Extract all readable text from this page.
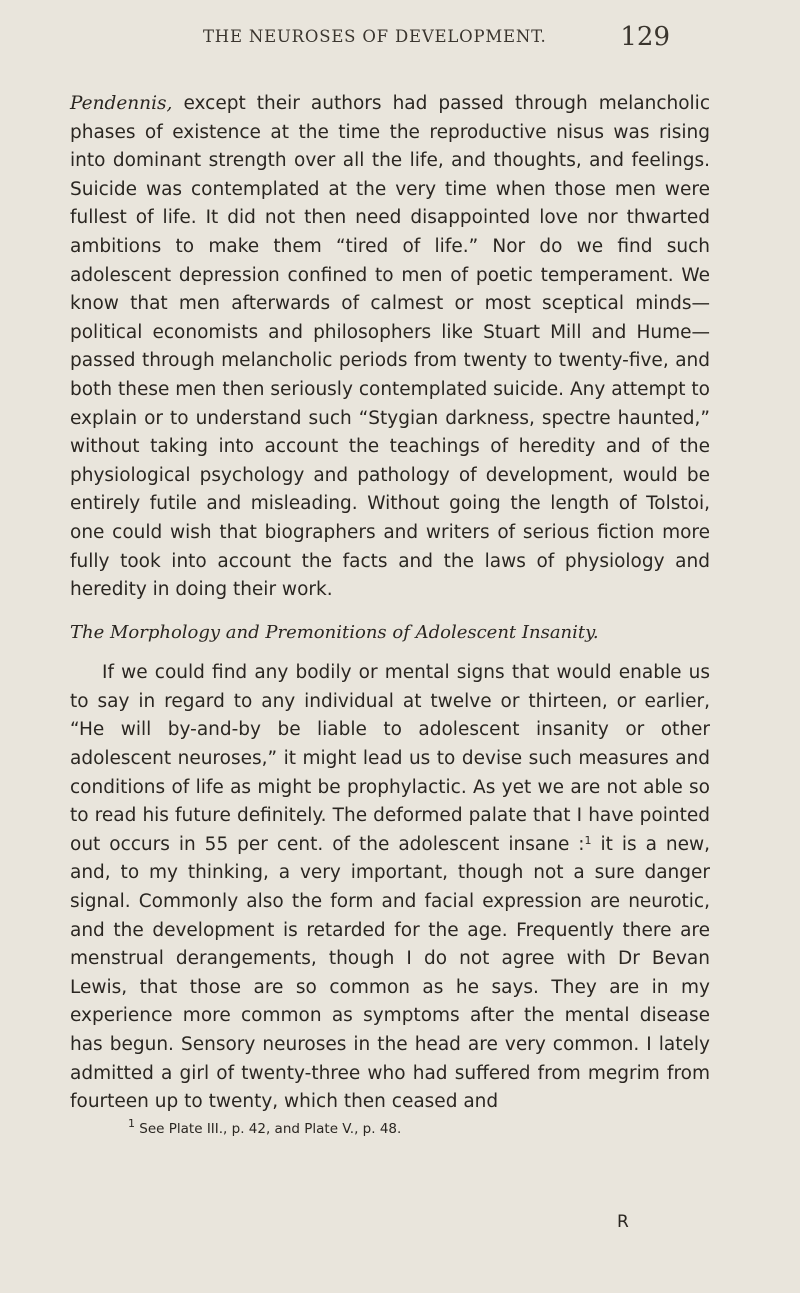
THE NEUROSES OF DEVELOPMENT.	129

Pendennis, except their authors had passed through melancholic phases of existence at the time the reproductive nisus was rising into dominant strength over all the life, and thoughts, and feelings. Suicide was contemplated at the very time when those men were fullest of life. It did not then need disappointed love nor thwarted ambitions to make them “tired of life.” Nor do we find such adolescent depression confined to men of poetic temperament. We know that men afterwards of calmest or most sceptical minds—political economists and philosophers like Stuart Mill and Hume—passed through melancholic periods from twenty to twenty-five, and both these men then seriously contemplated suicide. Any attempt to explain or to understand such “Stygian darkness, spectre haunted,” without taking into account the teachings of heredity and of the physiological psychology and pathology of development, would be entirely futile and misleading. Without going the length of Tolstoi, one could wish that biographers and writers of serious fiction more fully took into account the facts and the laws of physiology and heredity in doing their work.

The Morphology and Premonitions of Adolescent Insanity.

If we could find any bodily or mental signs that would enable us to say in regard to any individual at twelve or thirteen, or earlier, “He will by-and-by be liable to adolescent insanity or other adolescent neuroses,” it might lead us to devise such measures and conditions of life as might be prophylactic. As yet we are not able so to read his future definitely. The deformed palate that I have pointed out occurs in 55 per cent. of the adolescent insane :$^1$ it is a new, and, to my thinking, a very important, though not a sure danger signal. Commonly also the form and facial expression are neurotic, and the development is retarded for the age. Frequently there are menstrual derangements, though I do not agree with Dr Bevan Lewis, that those are so common as he says. They are in my experience more common as symptoms after the mental disease has begun. Sensory neuroses in the head are very common. I lately admitted a girl of twenty-three who had suffered from megrim from fourteen up to twenty, which then ceased and

$^1$ See Plate III., p. 42, and Plate V., p. 48.

R
